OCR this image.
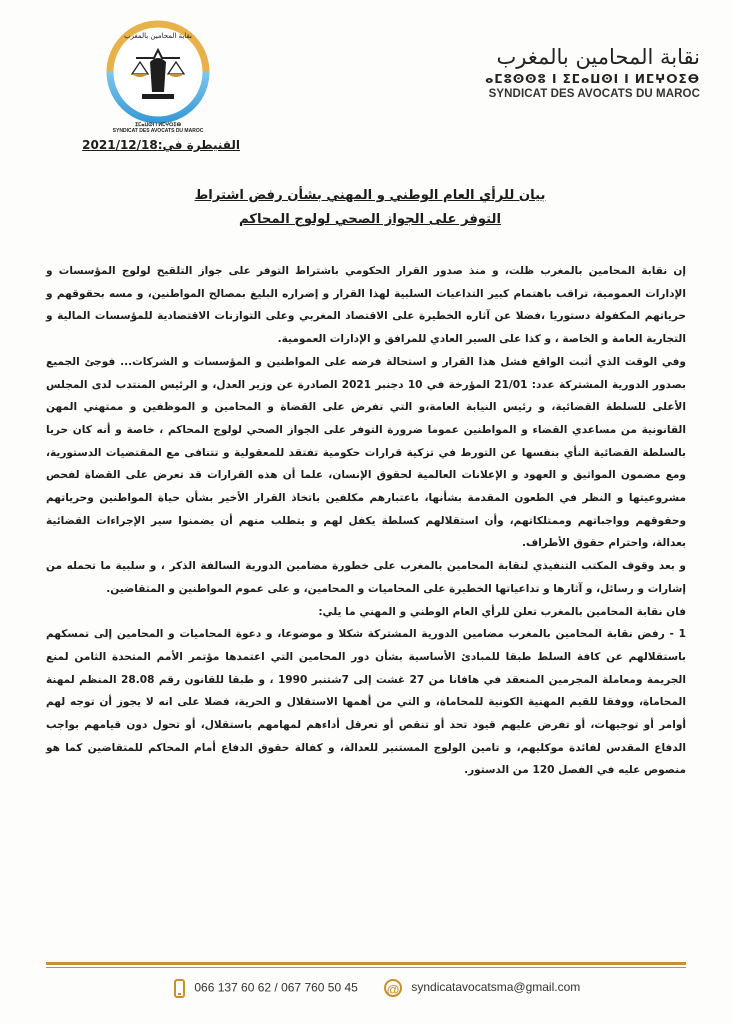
نقابة المحامين بالمغرب
ⵉⵎⴰⵡⵙⵏ ⵏ ⵍⵎⵖⵔⵉⴱ
SYNDICAT DES AVOCATS DU MAROC
نقابة المحامين بالمغرب
ⴰⵎⵓⵙⵙⵓ ⵏ ⵉⵎⴰⵡⵙⵏ ⵏ ⵍⵎⵖⵔⵉⴱ
SYNDICAT DES AVOCATS DU MAROC
القنيطرة في:2021/12/18
بيان للرأي العام الوطني و المهني بشأن رفض اشتراط
التوفر على الجواز الصحي لولوج المحاكم

إن نقابة المحامين بالمغرب ظلت، و منذ صدور القرار الحكومي باشتراط التوفر على جواز التلقيح لولوج المؤسسات و الإدارات العمومية، تراقب باهتمام كبير التداعيات السلبية لهذا القرار و إضراره البليغ بمصالح المواطنين، و مسه بحقوقهم و حرياتهم المكفولة دستوريا ،فضلا عن آثاره الخطيرة على الاقتصاد المغربي وعلى التوازنات الاقتصادية للمؤسسات المالية و التجارية العامة و الخاصة ، و كذا على السير العادي للمرافق و الإدارات العمومية.

وفي الوقت الذي أثبت الواقع فشل هذا القرار و استحالة فرضه على المواطنين و المؤسسات و الشركات... فوجئ الجميع بصدور الدورية المشتركة عدد: 21/01 المؤرخة في 10 دجنبر 2021 الصادرة عن وزير العدل، و الرئيس المنتدب لدى المجلس الأعلى للسلطة القضائية، و رئيس النيابة العامة،و التي تفرض على القضاة و المحامين و الموظفين و ممتهني المهن القانونية من مساعدي القضاء و المواطنين عموما ضرورة التوفر على الجواز الصحي لولوج المحاكم ، خاصة و أنه كان حريا بالسلطة القضائية النأي بنفسها عن التورط في تزكية قرارات حكومية تفتقد للمعقولية و تتنافى مع المقتضيات الدستورية، ومع مضمون المواثيق و العهود و الإعلانات العالمية لحقوق الإنسان، علما أن هذه القرارات قد تعرض على القضاة لفحص مشروعيتها و النظر في الطعون المقدمة بشأنها، باعتبارهم مكلفين باتخاذ القرار الأخير بشأن حياة المواطنين وحرياتهم وحقوقهم وواجباتهم وممتلكاتهم، وأن استقلالهم كسلطة يكفل لهم و يتطلب منهم أن يضمنوا سير الإجراءات القضائية بعدالة، واحترام حقوق الأطراف.

و بعد وقوف المكتب التنفيذي لنقابة المحامين بالمغرب على خطورة مضامين الدورية السالفة الذكر ، و سلبية ما تحمله من إشارات و رسائل، و آثارها و تداعياتها الخطيرة على المحاميات و المحامين، و على عموم المواطنين و المتقاضين.

فان نقابة المحامين بالمغرب تعلن للرأي العام الوطني و المهني ما يلي:

1 - رفض نقابة المحامين بالمغرب مضامين الدورية المشتركة شكلا و موضوعا، و دعوة المحاميات و المحامين إلى تمسكهم باستقلالهم عن كافة السلط طبقا للمبادئ الأساسية بشأن دور المحامين التي اعتمدها مؤتمر الأمم المتحدة الثامن لمنع الجريمة ومعاملة المجرمين المنعقد في هافانا من 27 غشت إلى 7شتنبر 1990 ، و طبقا للقانون رقم 28.08 المنظم لمهنة المحاماة، ووفقا للقيم المهنية الكونية للمحاماة، و التي من أهمها الاستقلال و الحرية، فضلا على انه لا يجوز أن توجه لهم أوامر أو توجيهات، أو تفرض عليهم قيود تحد أو تنقص أو تعرقل أداءهم لمهامهم باستقلال، أو تحول دون قيامهم بواجب الدفاع المقدس لفائدة موكليهم، و تامين الولوج المستنير للعدالة، و كفالة حقوق الدفاع أمام المحاكم للمتقاضين كما هو منصوص عليه في الفصل 120 من الدستور.

066 137 60 62 / 067 760 50 45	@ syndicatavocatsma@gmail.com
